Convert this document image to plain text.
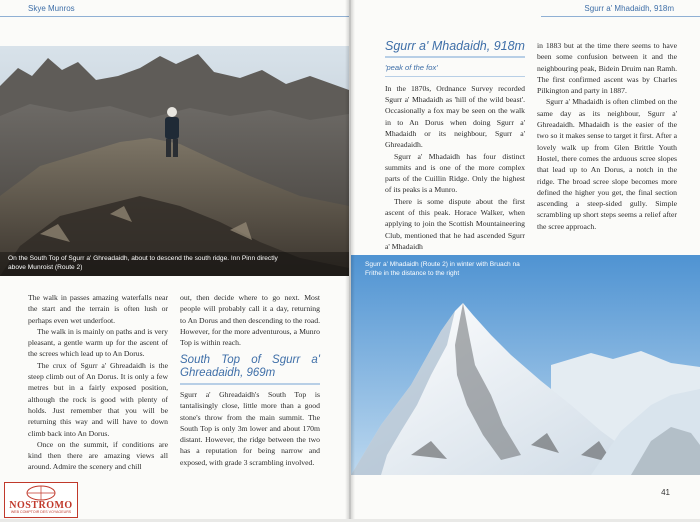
Skye Munros
On the South Top of Sgurr a' Ghreadaidh, about to descend the south ridge. Inn Pinn directly above Munroist (Route 2)

The walk in passes amazing waterfalls near the start and the terrain is often lush or perhaps even wet underfoot.

The walk in is mainly on paths and is very pleasant, a gentle warm up for the ascent of the screes which lead up to An Dorus.

The crux of Sgurr a' Ghreadaidh is the steep climb out of An Dorus. It is only a few metres but in a fairly exposed position, although the rock is good with plenty of holds. Just remember that you will be returning this way and will have to down climb back into An Dorus.

Once on the summit, if conditions are kind then there are amazing views all around. Admire the scenery and chill

out, then decide where to go next. Most people will probably call it a day, returning to An Dorus and then descending to the road. However, for the more adventurous, a Munro Top is within reach.

South Top of Sgurr a' Ghreadaidh, 969m

Sgurr a' Ghreadaidh's South Top is tantalisingly close, little more than a good stone's throw from the main summit. The South Top is only 3m lower and about 170m distant. However, the ridge between the two has a reputation for being narrow and exposed, with grade 3 scrambling involved.

NOSTROMO
WEB COMPTOIR DES VOYAGEURS
Sgurr a' Mhadaidh, 918m
Sgurr a' Mhadaidh, 918m
'peak of the fox'

In the 1870s, Ordnance Survey recorded Sgurr a' Mhadaidh as 'hill of the wild beast'. Occasionally a fox may be seen on the walk in to An Dorus when doing Sgurr a' Mhadaidh or its neighbour, Sgurr a' Ghreadaidh.

Sgurr a' Mhadaidh has four distinct summits and is one of the more complex parts of the Cuillin Ridge. Only the highest of its peaks is a Munro.

There is some dispute about the first ascent of this peak. Horace Walker, when applying to join the Scottish Mountaineering Club, mentioned that he had ascended Sgurr a' Mhadaidh

in 1883 but at the time there seems to have been some confusion between it and the neighbouring peak, Bidein Druim nan Ramh. The first confirmed ascent was by Charles Pilkington and party in 1887.

Sgurr a' Mhadaidh is often climbed on the same day as its neighbour, Sgurr a' Ghreadaidh. Mhadaidh is the easier of the two so it makes sense to target it first. After a lovely walk up from Glen Brittle Youth Hostel, there comes the arduous scree slopes that lead up to An Dorus, a notch in the ridge. The broad scree slope becomes more defined the higher you get, the final section ascending a steep-sided gully. Simple scrambling up short steps seems a relief after the scree approach.

41
Sgurr a' Mhadaidh (Route 2) in winter with Bruach na Frithe in the distance to the right
